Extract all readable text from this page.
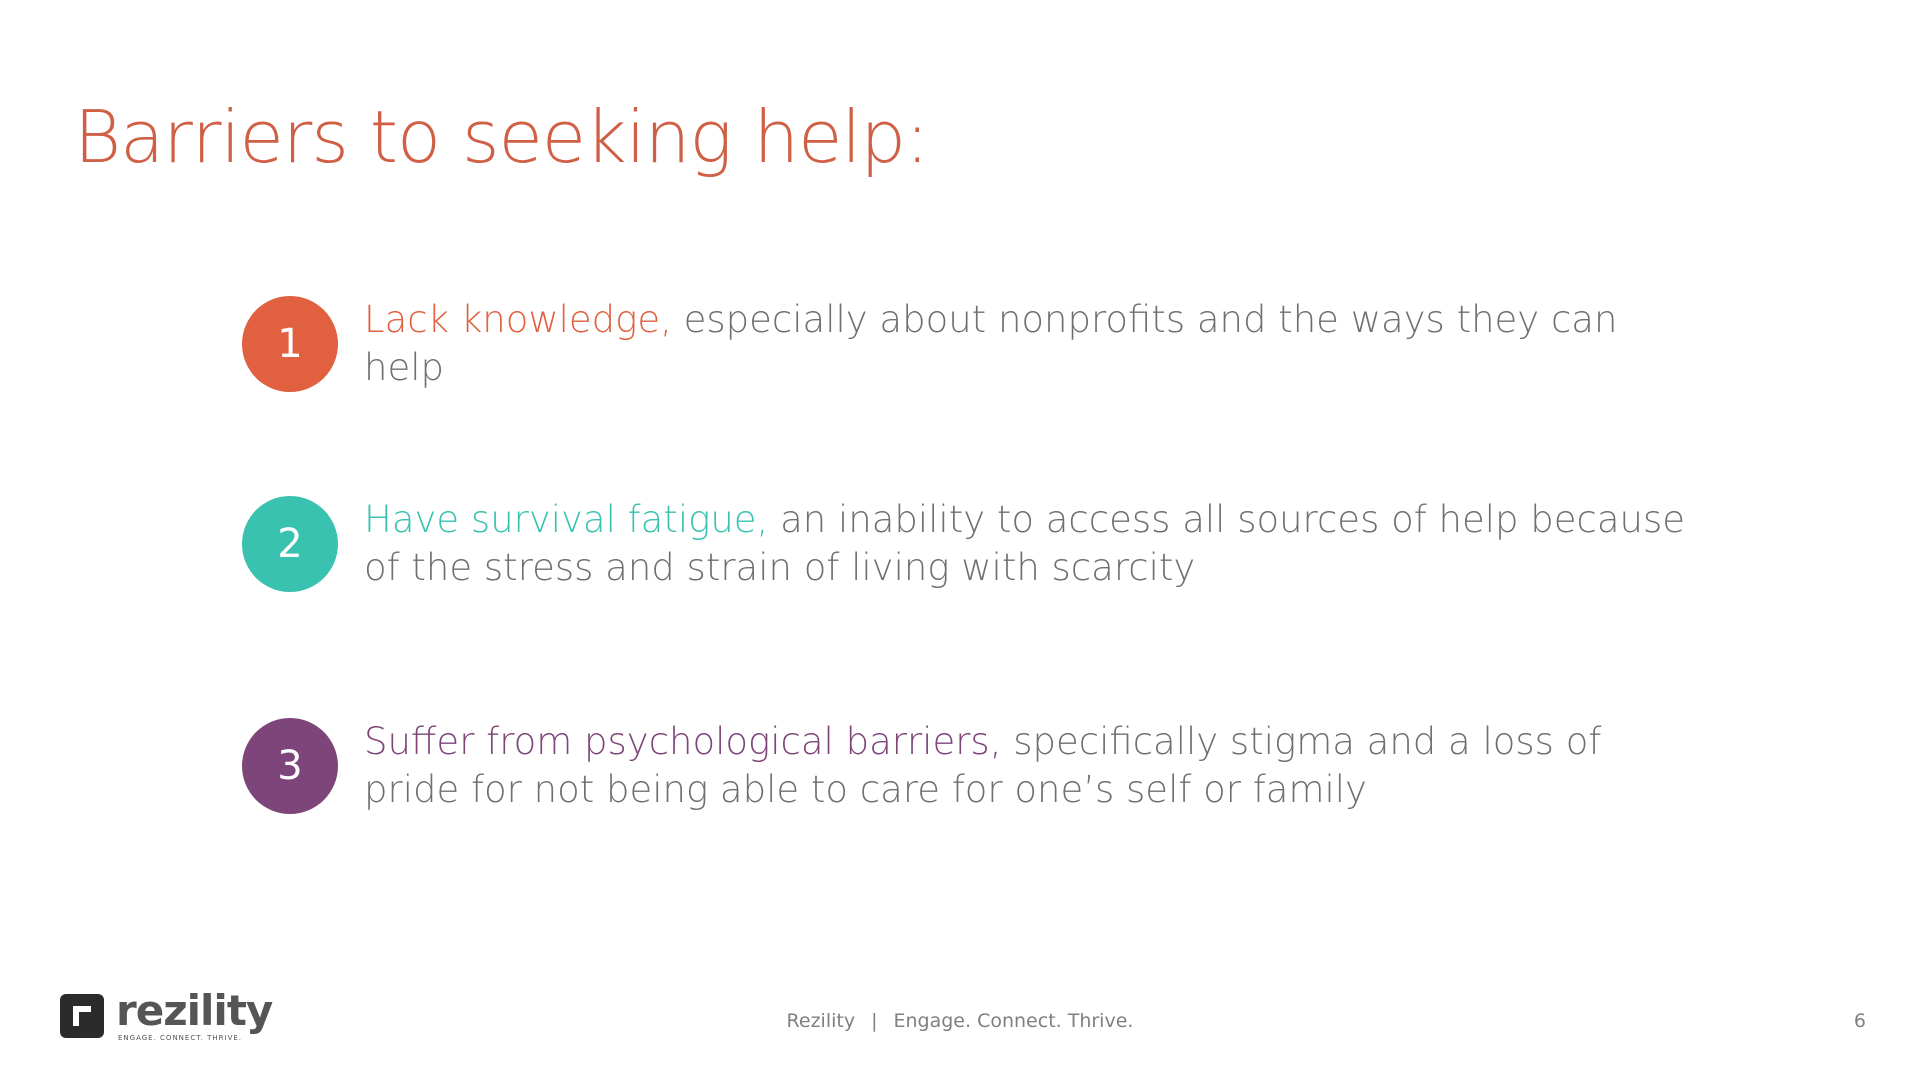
Barriers to seeking help:
1
Lack knowledge, especially about nonprofits and the ways they can help
2
Have survival fatigue, an inability to access all sources of help because of the stress and strain of living with scarcity
3
Suffer from psychological barriers, specifically stigma and a loss of pride for not being able to care for one’s self or family
rezility
ENGAGE. CONNECT. THRIVE.
Rezility | Engage. Connect. Thrive.	6
